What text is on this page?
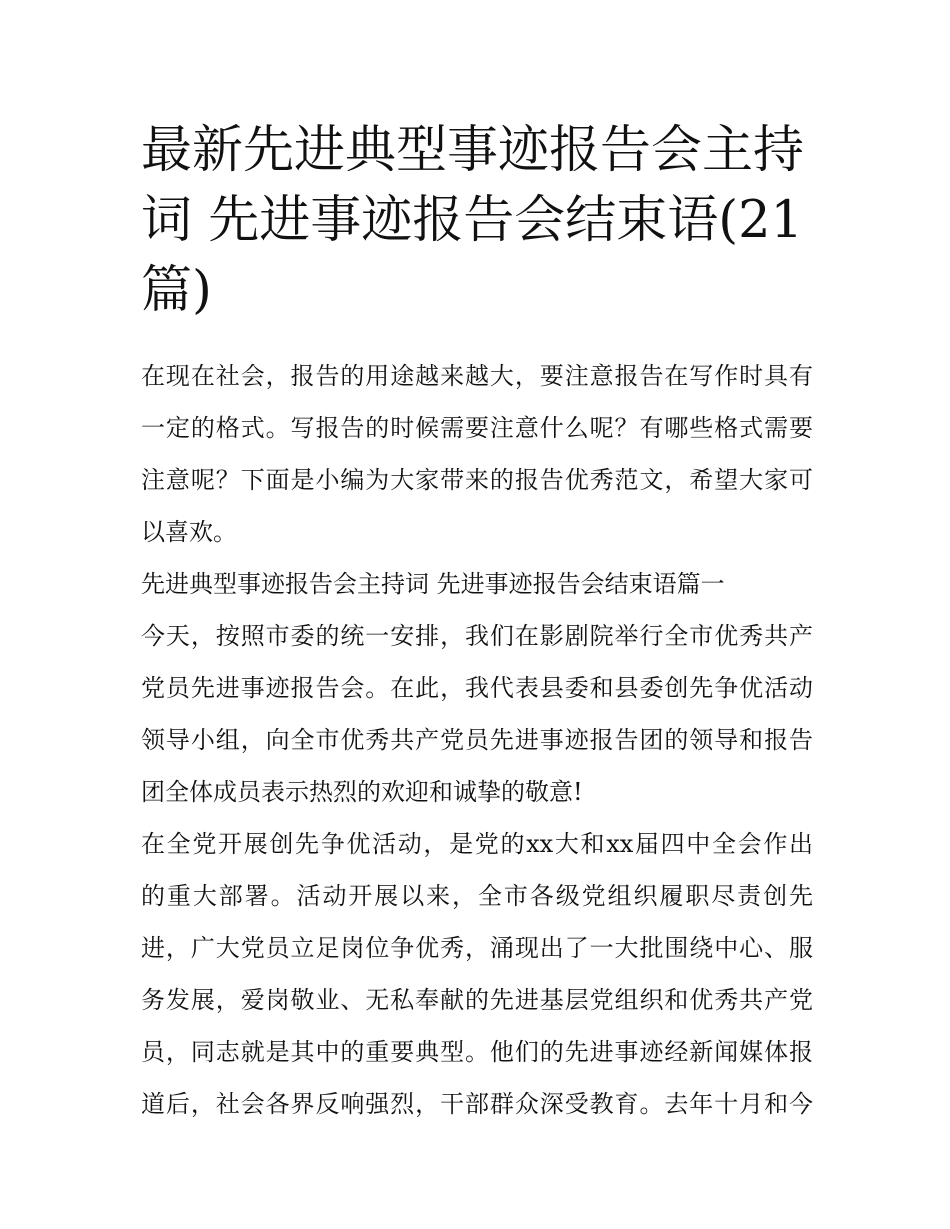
最新先进典型事迹报告会主持
词 先进事迹报告会结束语(21
篇)

在现在社会，报告的用途越来越大，要注意报告在写作时具有
一定的格式。写报告的时候需要注意什么呢？有哪些格式需要
注意呢？下面是小编为大家带来的报告优秀范文，希望大家可
以喜欢。

先进典型事迹报告会主持词 先进事迹报告会结束语篇一

今天，按照市委的统一安排，我们在影剧院举行全市优秀共产
党员先进事迹报告会。在此，我代表县委和县委创先争优活动
领导小组，向全市优秀共产党员先进事迹报告团的领导和报告
团全体成员表示热烈的欢迎和诚挚的敬意!

在全党开展创先争优活动，是党的xx大和xx届四中全会作出
的重大部署。活动开展以来，全市各级党组织履职尽责创先
进，广大党员立足岗位争优秀，涌现出了一大批围绕中心、服
务发展，爱岗敬业、无私奉献的先进基层党组织和优秀共产党
员，同志就是其中的重要典型。他们的先进事迹经新闻媒体报
道后，社会各界反响强烈，干部群众深受教育。去年十月和今
